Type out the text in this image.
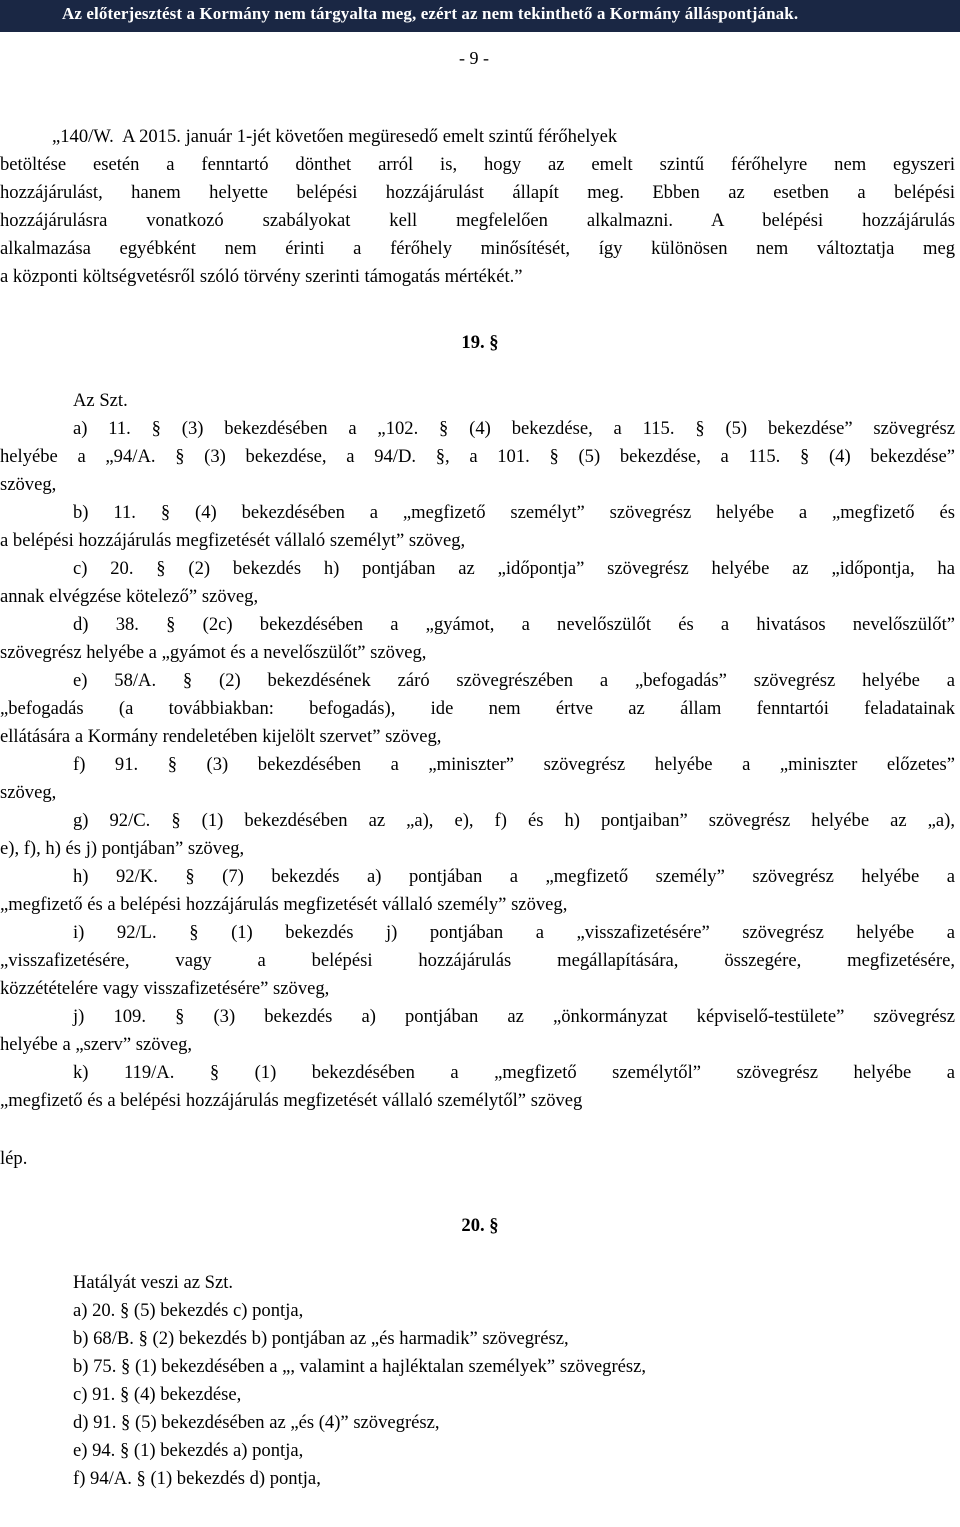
Az előterjesztést a Kormány nem tárgyalta meg, ezért az nem tekinthető a Kormány álláspontjának.
- 9 -
„140/W.  A 2015. január 1-jét követően megüresedő emelt szintű férőhelyek
betöltése esetén a fenntartó dönthet arról is, hogy az emelt szintű férőhelyre nem egyszeri
hozzájárulást, hanem helyette belépési hozzájárulást állapít meg. Ebben az esetben a belépési
hozzájárulásra vonatkozó szabályokat kell megfelelően alkalmazni. A belépési hozzájárulás
alkalmazása egyébként nem érinti a férőhely minősítését, így különösen nem változtatja meg
a központi költségvetésről szóló törvény szerinti támogatás mértékét.”
19. §
Az Szt.
a) 11. § (3) bekezdésében a „102. § (4) bekezdése, a 115. § (5) bekezdése” szövegrész
helyébe a „94/A. § (3) bekezdése, a 94/D. §, a 101. § (5) bekezdése, a 115. § (4) bekezdése”
szöveg,
b) 11. § (4) bekezdésében a „megfizető személyt” szövegrész helyébe a „megfizető és
a belépési hozzájárulás megfizetését vállaló személyt” szöveg,
c) 20. § (2) bekezdés h) pontjában az „időpontja” szövegrész helyébe az „időpontja, ha
annak elvégzése kötelező” szöveg,
d) 38. § (2c) bekezdésében a „gyámot, a nevelőszülőt és a hivatásos nevelőszülőt”
szövegrész helyébe a „gyámot és a nevelőszülőt” szöveg,
e) 58/A. § (2) bekezdésének záró szövegrészében a „befogadás” szövegrész helyébe a
„befogadás (a továbbiakban: befogadás), ide nem értve az állam fenntartói feladatainak
ellátására a Kormány rendeletében kijelölt szervet” szöveg,
f) 91. § (3) bekezdésében a „miniszter” szövegrész helyébe a „miniszter előzetes”
szöveg,
g) 92/C. § (1) bekezdésében az „a), e), f) és h) pontjaiban” szövegrész helyébe az „a),
e), f), h) és j) pontjában” szöveg,
h) 92/K. § (7) bekezdés a) pontjában a „megfizető személy” szövegrész helyébe a
„megfizető és a belépési hozzájárulás megfizetését vállaló személy” szöveg,
i) 92/L. § (1) bekezdés j) pontjában a „visszafizetésére” szövegrész helyébe a
„visszafizetésére, vagy a belépési hozzájárulás megállapítására, összegére, megfizetésére,
közzétételére vagy visszafizetésére” szöveg,
j) 109. § (3) bekezdés a) pontjában az „önkormányzat képviselő-testülete” szövegrész
helyébe a „szerv” szöveg,
k) 119/A. § (1) bekezdésében a „megfizető személytől” szövegrész helyébe a
„megfizető és a belépési hozzájárulás megfizetését vállaló személytől” szöveg
lép.
20. §
Hatályát veszi az Szt.
a) 20. § (5) bekezdés c) pontja,
b) 68/B. § (2) bekezdés b) pontjában az „és harmadik” szövegrész,
b) 75. § (1) bekezdésében a „, valamint a hajléktalan személyek” szövegrész,
c) 91. § (4) bekezdése,
d) 91. § (5) bekezdésében az „és (4)” szövegrész,
e) 94. § (1) bekezdés a) pontja,
f) 94/A. § (1) bekezdés d) pontja,
